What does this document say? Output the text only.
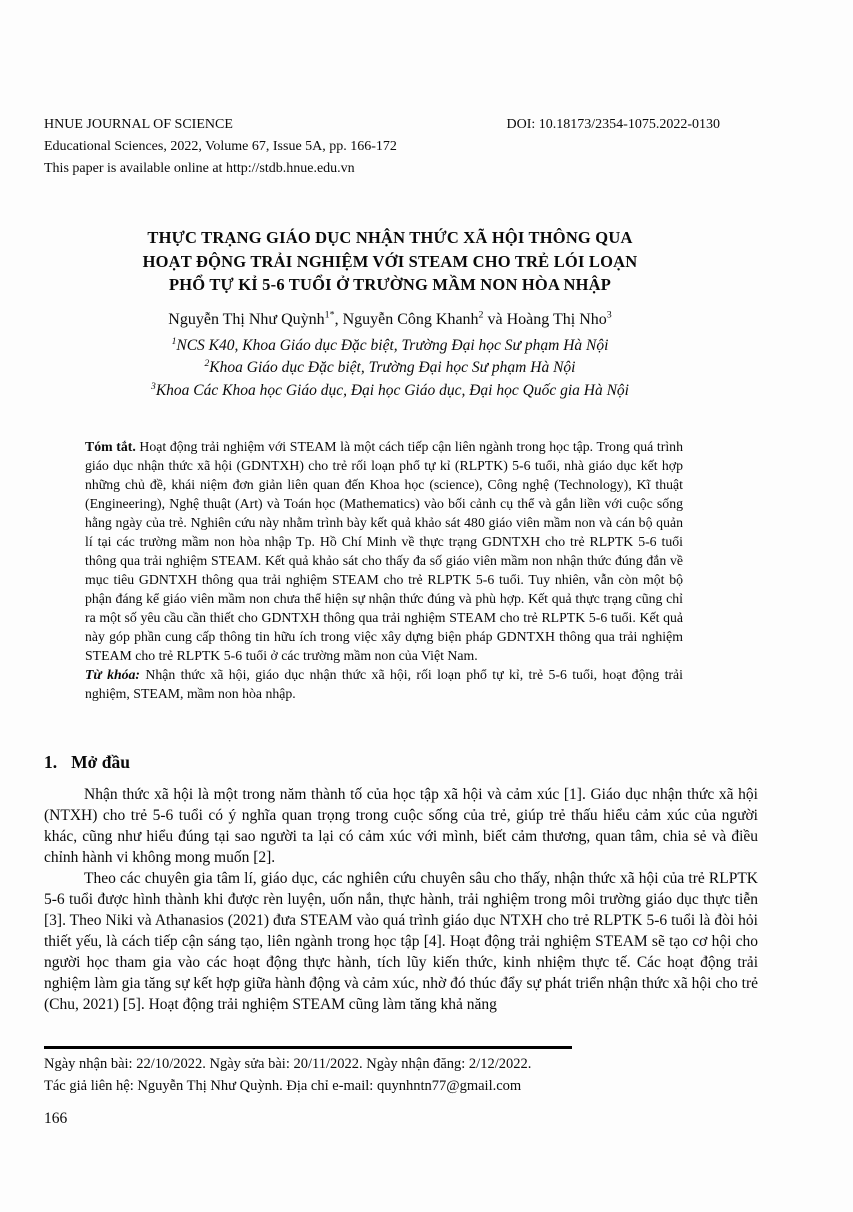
HNUE JOURNAL OF SCIENCE	DOI: 10.18173/2354-1075.2022-0130
Educational Sciences, 2022, Volume 67, Issue 5A, pp. 166-172
This paper is available online at http://stdb.hnue.edu.vn
THỰC TRẠNG GIÁO DỤC NHẬN THỨC XÃ HỘI THÔNG QUA
HOẠT ĐỘNG TRẢI NGHIỆM VỚI STEAM CHO TRẺ LÓI LOẠN
PHỔ TỰ KỈ 5-6 TUỔI Ở TRƯỜNG MẦM NON HÒA NHẬP

Nguyễn Thị Như Quỳnh$^{1*}$, Nguyễn Công Khanh$^2$ và Hoàng Thị Nho$^3$

$^1$NCS K40, Khoa Giáo dục Đặc biệt, Trường Đại học Sư phạm Hà Nội

$^2$Khoa Giáo dục Đặc biệt, Trường Đại học Sư phạm Hà Nội

$^3$Khoa Các Khoa học Giáo dục, Đại học Giáo dục, Đại học Quốc gia Hà Nội

Tóm tắt. Hoạt động trải nghiệm với STEAM là một cách tiếp cận liên ngành trong học tập. Trong quá trình giáo dục nhận thức xã hội (GDNTXH) cho trẻ rối loạn phổ tự kỉ (RLPTK) 5-6 tuổi, nhà giáo dục kết hợp những chủ đề, khái niệm đơn giản liên quan đến Khoa học (science), Công nghệ (Technology), Kĩ thuật (Engineering), Nghệ thuật (Art) và Toán học (Mathematics) vào bối cảnh cụ thể và gắn liền với cuộc sống hằng ngày của trẻ. Nghiên cứu này nhằm trình bày kết quả khảo sát 480 giáo viên mầm non và cán bộ quản lí tại các trường mầm non hòa nhập Tp. Hồ Chí Minh về thực trạng GDNTXH cho trẻ RLPTK 5-6 tuổi thông qua trải nghiệm STEAM. Kết quả khảo sát cho thấy đa số giáo viên mầm non nhận thức đúng đắn về mục tiêu GDNTXH thông qua trải nghiệm STEAM cho trẻ RLPTK 5-6 tuổi. Tuy nhiên, vẫn còn một bộ phận đáng kể giáo viên mầm non chưa thể hiện sự nhận thức đúng và phù hợp. Kết quả thực trạng cũng chỉ ra một số yêu cầu cần thiết cho GDNTXH thông qua trải nghiệm STEAM cho trẻ RLPTK 5-6 tuổi. Kết quả này góp phần cung cấp thông tin hữu ích trong việc xây dựng biện pháp GDNTXH thông qua trải nghiệm STEAM cho trẻ RLPTK 5-6 tuổi ở các trường mầm non của Việt Nam.

Từ khóa: Nhận thức xã hội, giáo dục nhận thức xã hội, rối loạn phổ tự kỉ, trẻ 5-6 tuổi, hoạt động trải nghiệm, STEAM, mầm non hòa nhập.

1. Mở đầu

Nhận thức xã hội là một trong năm thành tố của học tập xã hội và cảm xúc [1]. Giáo dục nhận thức xã hội (NTXH) cho trẻ 5-6 tuổi có ý nghĩa quan trọng trong cuộc sống của trẻ, giúp trẻ thấu hiểu cảm xúc của người khác, cũng như hiểu đúng tại sao người ta lại có cảm xúc với mình, biết cảm thương, quan tâm, chia sẻ và điều chỉnh hành vi không mong muốn [2].

Theo các chuyên gia tâm lí, giáo dục, các nghiên cứu chuyên sâu cho thấy, nhận thức xã hội của trẻ RLPTK 5-6 tuổi được hình thành khi được rèn luyện, uốn nắn, thực hành, trải nghiệm trong môi trường giáo dục thực tiễn [3]. Theo Niki và Athanasios (2021) đưa STEAM vào quá trình giáo dục NTXH cho trẻ RLPTK 5-6 tuổi là đòi hỏi thiết yếu, là cách tiếp cận sáng tạo, liên ngành trong học tập [4]. Hoạt động trải nghiệm STEAM sẽ tạo cơ hội cho người học tham gia vào các hoạt động thực hành, tích lũy kiến thức, kinh nhiệm thực tế. Các hoạt động trải nghiệm làm gia tăng sự kết hợp giữa hành động và cảm xúc, nhờ đó thúc đẩy sự phát triển nhận thức xã hội cho trẻ (Chu, 2021) [5]. Hoạt động trải nghiệm STEAM cũng làm tăng khả năng

Ngày nhận bài: 22/10/2022. Ngày sửa bài: 20/11/2022. Ngày nhận đăng: 2/12/2022.
Tác giả liên hệ: Nguyễn Thị Như Quỳnh. Địa chỉ e-mail: quynhntn77@gmail.com
166
